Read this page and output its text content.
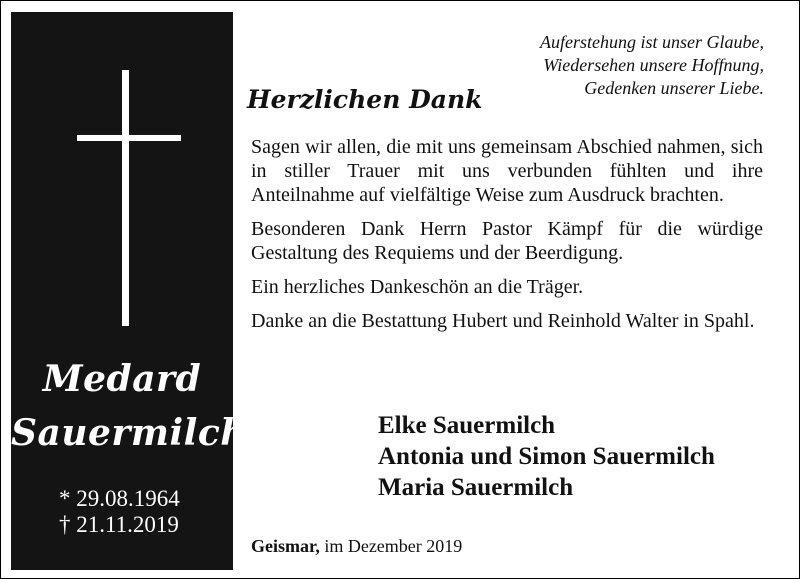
Medard
Sauermilch
* 29.08.1964
† 21.11.2019
Auferstehung ist unser Glaube,
Wiedersehen unsere Hoffnung,
Gedenken unserer Liebe.
Herzlichen Dank

Sagen wir allen, die mit uns gemeinsam Abschied nahmen, sich in stiller Trauer mit uns verbunden fühlten und ihre Anteilnahme auf vielfältige Weise zum Ausdruck brachten.

Besonderen Dank Herrn Pastor Kämpf für die würdige Gestaltung des Requiems und der Beerdigung.

Ein herzliches Dankeschön an die Träger.

Danke an die Bestattung Hubert und Reinhold Walter in Spahl.

Elke Sauermilch
Antonia und Simon Sauermilch
Maria Sauermilch
Geismar, im Dezember 2019
